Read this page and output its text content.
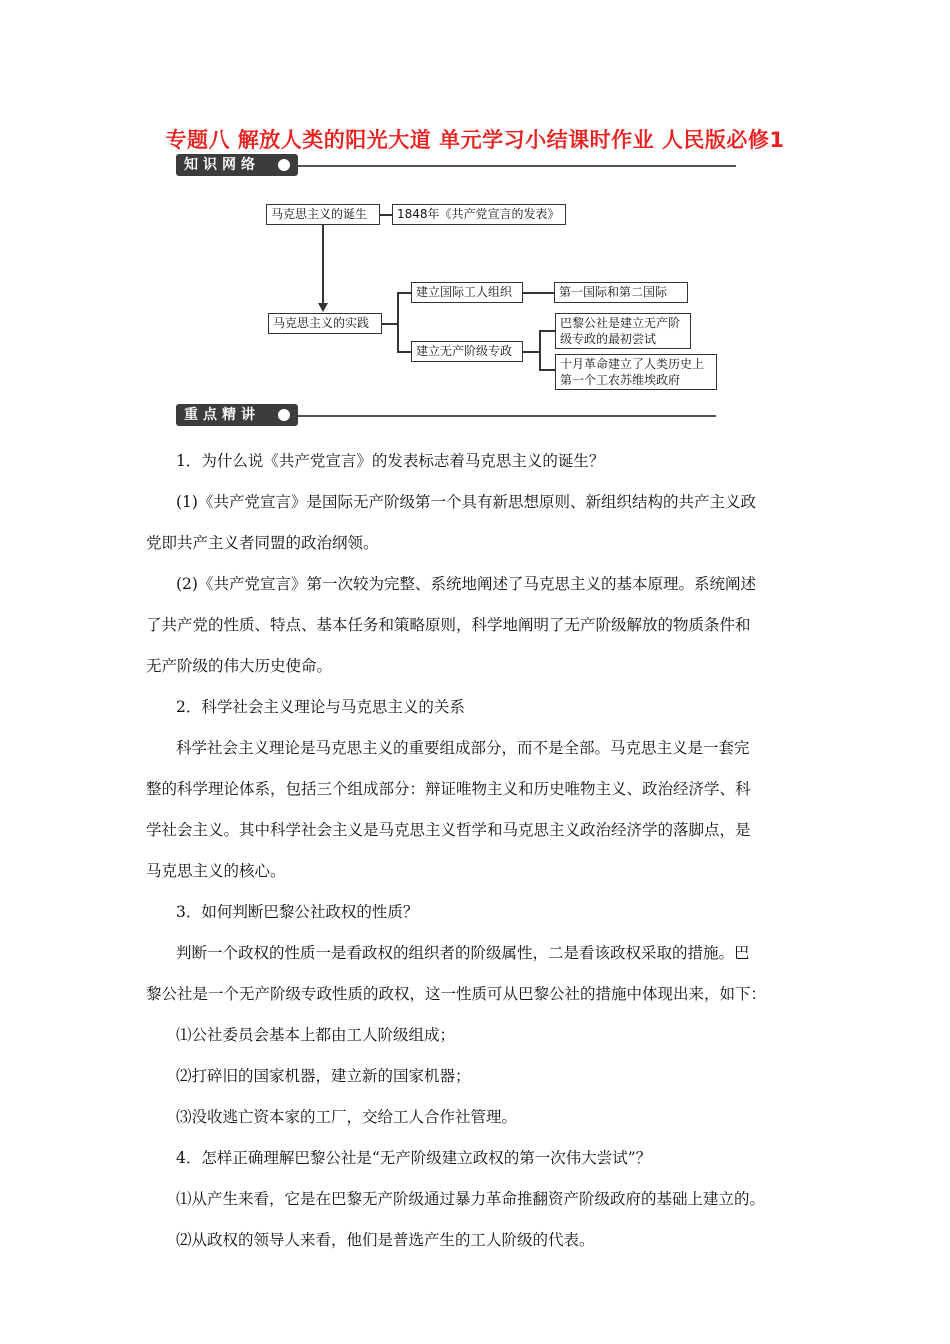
专题八 解放人类的阳光大道 单元学习小结课时作业 人民版必修1
知识网络
马克思主义的诞生	1848年《共产党宣言的发表》
马克思主义的实践
建立国际工人组织	第一国际和第二国际
建立无产阶级专政
巴黎公社是建立无产阶
级专政的最初尝试
十月革命建立了人类历史上
第一个工农苏维埃政府
重点精讲
1．为什么说《共产党宣言》的发表标志着马克思主义的诞生？
(1)《共产党宣言》是国际无产阶级第一个具有新思想原则、新组织结构的共产主义政
党即共产主义者同盟的政治纲领。
(2)《共产党宣言》第一次较为完整、系统地阐述了马克思主义的基本原理。系统阐述
了共产党的性质、特点、基本任务和策略原则，科学地阐明了无产阶级解放的物质条件和
无产阶级的伟大历史使命。
2．科学社会主义理论与马克思主义的关系
科学社会主义理论是马克思主义的重要组成部分，而不是全部。马克思主义是一套完
整的科学理论体系，包括三个组成部分：辩证唯物主义和历史唯物主义、政治经济学、科
学社会主义。其中科学社会主义是马克思主义哲学和马克思主义政治经济学的落脚点，是
马克思主义的核心。
3．如何判断巴黎公社政权的性质？
判断一个政权的性质一是看政权的组织者的阶级属性，二是看该政权采取的措施。巴
黎公社是一个无产阶级专政性质的政权，这一性质可从巴黎公社的措施中体现出来，如下：
⑴公社委员会基本上都由工人阶级组成；
⑵打碎旧的国家机器，建立新的国家机器；
⑶没收逃亡资本家的工厂，交给工人合作社管理。
4．怎样正确理解巴黎公社是“无产阶级建立政权的第一次伟大尝试”？
⑴从产生来看，它是在巴黎无产阶级通过暴力革命推翻资产阶级政府的基础上建立的。
⑵从政权的领导人来看，他们是普选产生的工人阶级的代表。
